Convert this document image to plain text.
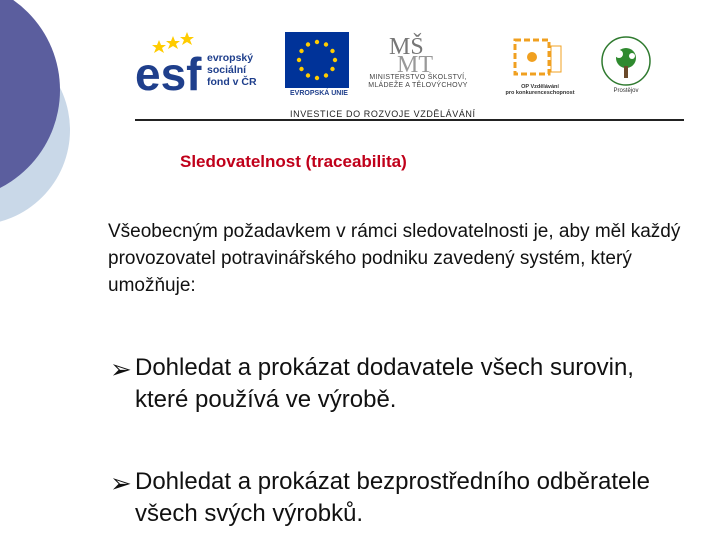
esf evropský
sociální
fond v ČR
EVROPSKÁ UNIE
MŠ
MT
MINISTERSTVO ŠKOLSTVÍ,
MLÁDEŽE A TĚLOVÝCHOVY	OP Vzdělávání
pro konkurenceschopnost	Prostějov
INVESTICE DO ROZVOJE VZDĚLÁVÁNÍ
Sledovatelnost (traceabilita)
Všeobecným požadavkem v rámci sledovatelnosti je, aby měl každý provozovatel potravinářského podniku zavedený systém, který umožňuje:
➢ Dohledat a prokázat dodavatele všech surovin, které používá ve výrobě.
➢ Dohledat a prokázat bezprostředního odběratele všech svých výrobků.
